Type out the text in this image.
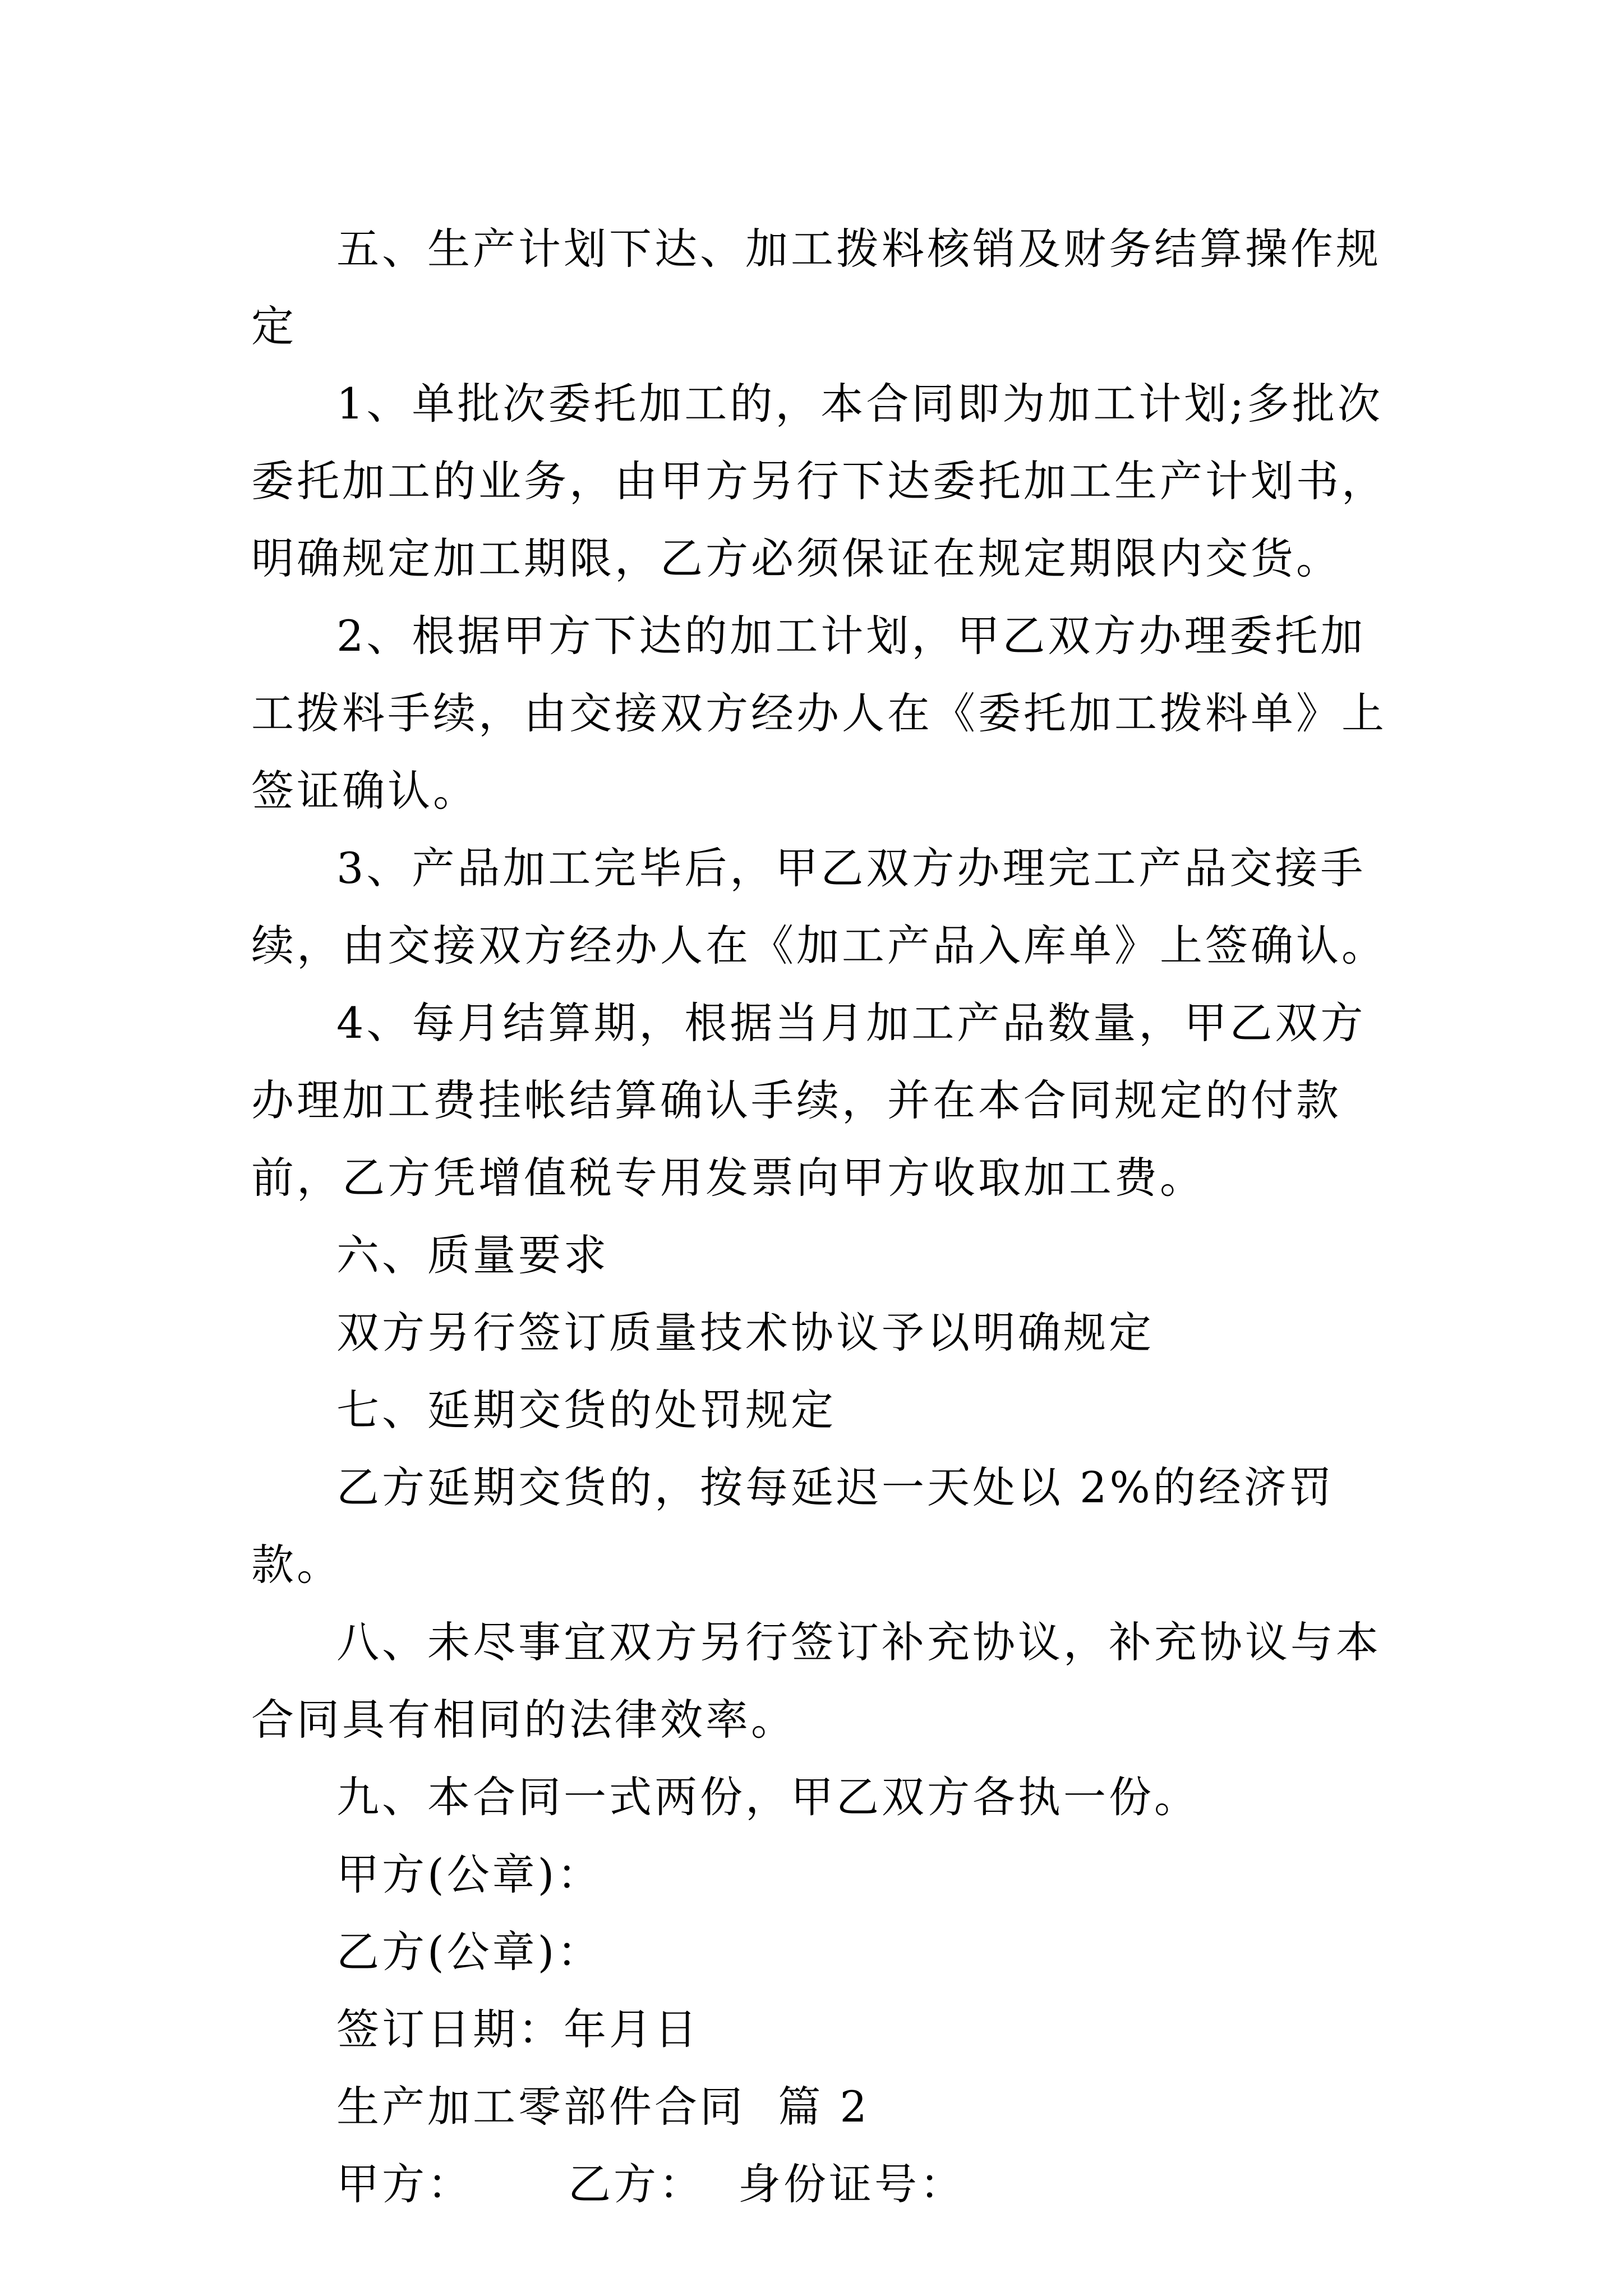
五、生产计划下达、加工拨料核销及财务结算操作规定

1、单批次委托加工的，本合同即为加工计划;多批次委托加工的业务，由甲方另行下达委托加工生产计划书，明确规定加工期限，乙方必须保证在规定期限内交货。

2、根据甲方下达的加工计划，甲乙双方办理委托加工拨料手续，由交接双方经办人在《委托加工拨料单》上签证确认。

3、产品加工完毕后，甲乙双方办理完工产品交接手续，由交接双方经办人在《加工产品入库单》上签确认。

4、每月结算期，根据当月加工产品数量，甲乙双方办理加工费挂帐结算确认手续，并在本合同规定的付款前，乙方凭增值税专用发票向甲方收取加工费。

六、质量要求

双方另行签订质量技术协议予以明确规定

七、延期交货的处罚规定

乙方延期交货的，按每延迟一天处以 2%的经济罚款。

八、未尽事宜双方另行签订补充协议，补充协议与本合同具有相同的法律效率。

九、本合同一式两份，甲乙双方各执一份。

甲方(公章)：

乙方(公章)：

签订日期：年月日

生产加工零部件合同  篇 2

甲方： 乙方： 身份证号：
